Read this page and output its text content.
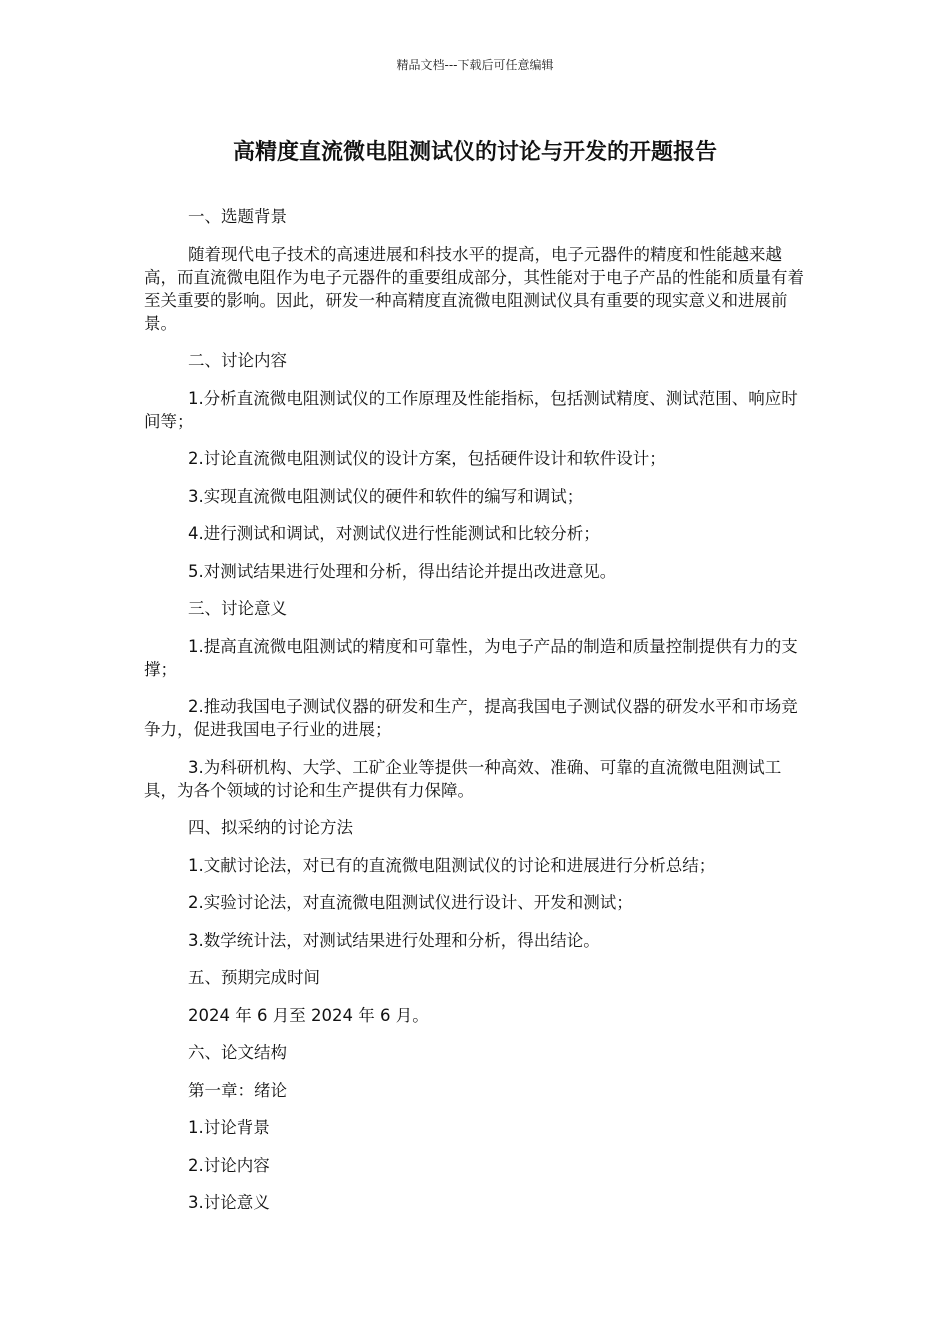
精品文档---下载后可任意编辑
高精度直流微电阻测试仪的讨论与开发的开题报告

一、选题背景

随着现代电子技术的高速进展和科技水平的提高，电子元器件的精度和性能越来越高，而直流微电阻作为电子元器件的重要组成部分，其性能对于电子产品的性能和质量有着至关重要的影响。因此，研发一种高精度直流微电阻测试仪具有重要的现实意义和进展前景。

二、讨论内容

1.分析直流微电阻测试仪的工作原理及性能指标，包括测试精度、测试范围、响应时间等；

2.讨论直流微电阻测试仪的设计方案，包括硬件设计和软件设计；

3.实现直流微电阻测试仪的硬件和软件的编写和调试；

4.进行测试和调试，对测试仪进行性能测试和比较分析；

5.对测试结果进行处理和分析，得出结论并提出改进意见。

三、讨论意义

1.提高直流微电阻测试的精度和可靠性，为电子产品的制造和质量控制提供有力的支撑；

2.推动我国电子测试仪器的研发和生产，提高我国电子测试仪器的研发水平和市场竞争力，促进我国电子行业的进展；

3.为科研机构、大学、工矿企业等提供一种高效、准确、可靠的直流微电阻测试工具，为各个领域的讨论和生产提供有力保障。

四、拟采纳的讨论方法

1.文献讨论法，对已有的直流微电阻测试仪的讨论和进展进行分析总结；

2.实验讨论法，对直流微电阻测试仪进行设计、开发和测试；

3.数学统计法，对测试结果进行处理和分析，得出结论。

五、预期完成时间

2024 年 6 月至 2024 年 6 月。

六、论文结构

第一章：绪论

1.讨论背景

2.讨论内容

3.讨论意义
